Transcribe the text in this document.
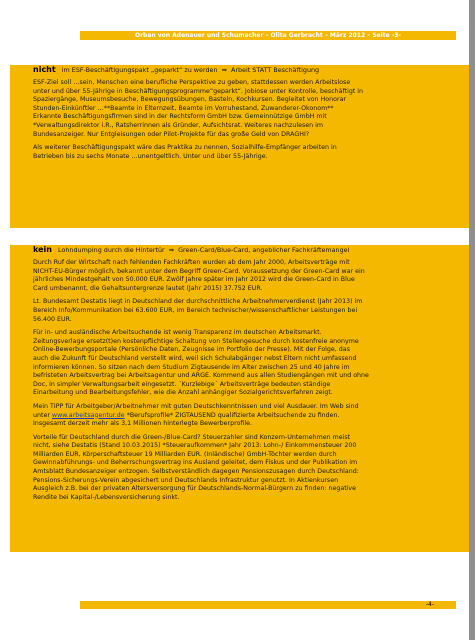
Orban von Adenauer und Schumacher – Olita Gerbracht – März 2012 – Seite -3-
nicht im ESF-Beschäftigungspakt „geparkt“ zu werden ⇛ Arbeit STATT Beschäftigung
ESF-Ziel soll …sein, Menschen eine berufliche Perspektive zu geben, stattdessen werden Arbeitslose
unter und über 55-Jährige in Beschäftigungsprogramme“geparkt“. Jobiose unter Kontrolle, beschäftigt in
Spaziergänge, Museumsbesuche, Bewegungsübungen, Basteln, Kochkursen. Begleitet von Honorar
Stunden-Einkünftler …**Beamte in Elternzeit, Beamte im Vorruhestand, Zuwanderer-Ökonom**
Erkannte Beschäftigungsfirmen sind in der Rechtsform GmbH bzw. Gemeinnützige GmbH mit
*Verwaltungsdirektor i.R., Ratsherrinnen als Gründer, Aufsichtsrat. Weiteres nachzulesen im
Bundesanzeiger. Nur Entgleisungen oder Pilot-Projekte für das große Geld von DRAGHI?
Als weiterer Beschäftigungspakt wäre das Praktika zu nennen, Sozialhilfe-Empfänger arbeiten in
Betrieben bis zu sechs Monate …unentgeltlich. Unter und über 55-Jährige.
kein Lohndumping durch die Hintertür ⇛ Green-Card/Blue-Card, angeblicher Fachkräftemangel
Durch Ruf der Wirtschaft nach fehlenden Fachkräften wurden ab dem Jahr 2000, Arbeitsverträge mit
NICHT-EU-Bürger möglich, bekannt unter dem Begriff Green-Card. Voraussetzung der Green-Card war ein
jährliches Mindestgehalt von 50.000 EUR. Zwölf Jahre später im Jahr 2012 wird die Green-Card in Blue
Card umbenannt, die Gehaltsuntergrenze lautet (Jahr 2015) 37.752 EUR.
Lt. Bundesamt Destatis liegt in Deutschland der durchschnittliche Arbeitnehmerverdienst (Jahr 2013) im
Bereich Info/Kommunikation bei 63.600 EUR, im Bereich technischer/wissenschaftlicher Leistungen bei
56.400 EUR.
Für in- und ausländische Arbeitsuchende ist wenig Transparenz im deutschen Arbeitsmarkt.
Zeitungsverlage ersetz(t)en kostenpflichtige Schaltung von Stellengesuche durch kostenfreie anonyme
Online-Bewerbungsportale (Persönliche Daten, Zeugnisse im Portfolio der Presse). Mit der Folge, das
auch die Zukunft für Deutschland verstellt wird, weil sich Schulabgänger nebst Eltern nicht umfassend
informieren können. So sitzen nach dem Studium Zigtausende im Alter zwischen 25 und 40 Jahre im
befristeten Arbeitsvertrag bei Arbeitsagentur und ARGE. Kommend aus allen Studiengängen mit und ohne
Doc, in simpler Verwaltungsarbeit eingesetzt. ´Kurzlebige´ Arbeitsverträge bedeuten ständige
Einarbeitung und Bearbeitungsfehler, wie die Anzahl anhängiger Sozialgerichtsverfahren zeigt.
Mein TIPP für Arbeitgeber/Arbeitnehmer mit guten Deutschkenntnissen und viel Ausdauer. Im Web sind
unter www.arbeitsagentur.de *Berufsprofile* ZIGTAUSEND qualifizierte Arbeitsuchende zu finden.
Insgesamt derzeit mehr als 3,1 Millionen hinterlegte Bewerberprofile.
Vorteile für Deutschland durch die Green-/Blue-Card? Steuerzahler sind Konzern-Unternehmen meist
nicht, siehe Destatis (Stand 10.03.2015) *Steueraufkommen* Jahr 2013: Lohn-/ Einkommensteuer 200
Milliarden EUR, Körperschaftsteuer 19 Milliarden EUR. (Inländische) GmbH-Töchter werden durch
Gewinnabführungs- und Beherrschungsvertrag ins Ausland geleitet, dem Fiskus und der Publikation im
Amtsblatt Bundesanzeiger entzogen. Selbstverständlich dagegen Pensionszusagen durch Deutschland:
Pensions-Sicherungs-Verein abgesichert und Deutschlands Infrastruktur genutzt. In Aktienkursen
Ausgleich z.B. bei der privaten Altersversorgung für Deutschlands-Normal-Bürgern zu finden: negative
Rendite bei Kapital-/Lebensversicherung sinkt.
-4-
